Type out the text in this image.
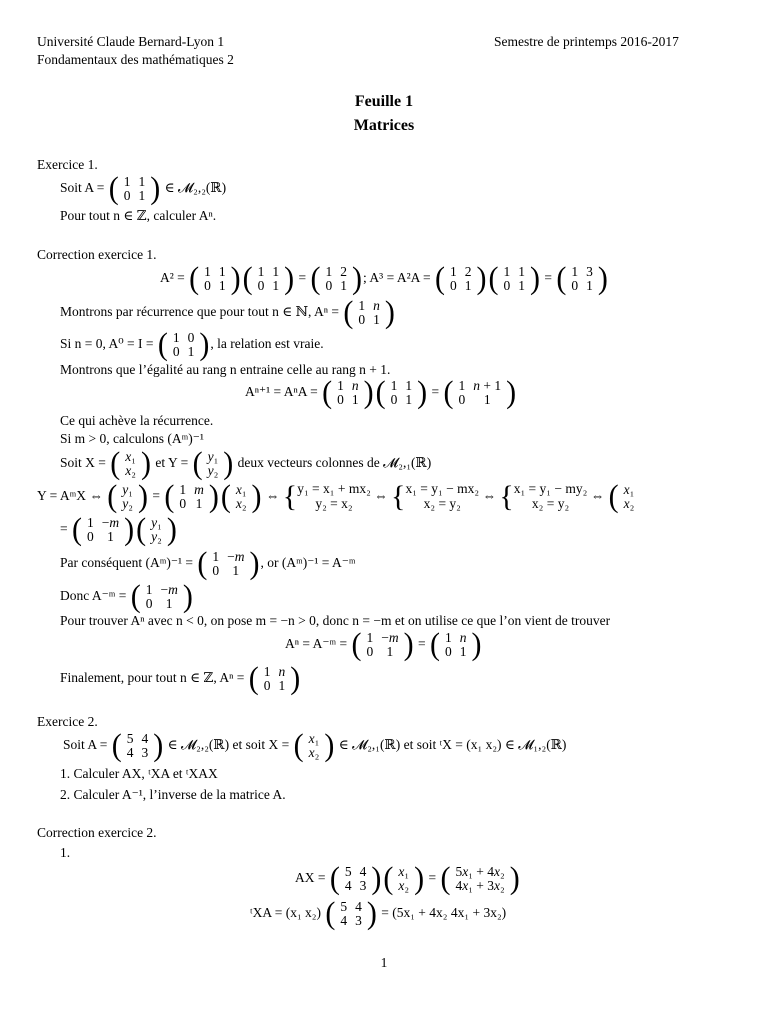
Université Claude Bernard-Lyon 1	Semestre de printemps 2016-2017
Fondamentaux des mathématiques 2
Feuille 1
Matrices
Exercice 1.
Soit A = ( 1	1
0	1 ) ∈ 𝓜₂,₂(ℝ)
Pour tout n ∈ ℤ, calculer Aⁿ.
Correction exercice 1.
A² = ( 1	1
0	1 ) ( 1	1
0	1 ) = ( 1	2
0	1 ) ; A³ = A²A = ( 1	2
0	1 ) ( 1	1
0	1 ) = ( 1	3
0	1 )
Montrons par récurrence que pour tout n ∈ ℕ, Aⁿ = ( 1	n
0	1 )
Si n = 0, A⁰ = I = ( 1	0
0	1 ) , la relation est vraie.
Montrons que l’égalité au rang n entraine celle au rang n + 1.
Aⁿ⁺¹ = AⁿA = ( 1	n
0	1 ) ( 1	1
0	1 ) = ( 1	n + 1
0	1 )
Ce qui achève la récurrence.
Si m > 0, calculons (Aᵐ)⁻¹
Soit X = ( x₁
x₂ ) et Y = ( y₁
y₂ ) deux vecteurs colonnes de 𝓜₂,₁(ℝ)
Y = AᵐX ⇔ ( y₁
y₂ ) = ( 1	m
0	1 ) ( x₁
x₂ ) ⇔ { y₁ = x₁ + mx₂
y₂ = x₂
⇔ { x₁ = y₁ − mx₂
x₂ = y₂
⇔ { x₁ = y₁ − my₂
x₂ = y₂
⇔ ( x₁
x₂
= ( 1	−m
0	1 ) ( y₁
y₂ )
Par conséquent (Aᵐ)⁻¹ = ( 1	−m
0	1 ) , or (Aᵐ)⁻¹ = A⁻ᵐ
Donc A⁻ᵐ = ( 1	−m
0	1 )
Pour trouver Aⁿ avec n < 0, on pose m = −n > 0, donc n = −m et on utilise ce que l’on vient de trouver
Aⁿ = A⁻ᵐ = ( 1	−m
0	1 ) = ( 1	n
0	1 )
Finalement, pour tout n ∈ ℤ, Aⁿ = ( 1	n
0	1 )
Exercice 2.
Soit A = ( 5	4
4	3 ) ∈ 𝓜₂,₂(ℝ) et soit X = ( x₁
x₂ ) ∈ 𝓜₂,₁(ℝ) et soit ᵗX = (x₁ x₂) ∈ 𝓜₁,₂(ℝ)
1. Calculer AX, ᵗXA et ᵗXAX
2. Calculer A⁻¹, l’inverse de la matrice A.
Correction exercice 2.
1.
AX = ( 5	4
4	3 ) ( x₁
x₂ ) = ( 5x₁ + 4x₂
4x₁ + 3x₂ )
ᵗXA = (x₁ x₂) ( 5	4
4	3 ) = (5x₁ + 4x₂ 4x₁ + 3x₂)
1
